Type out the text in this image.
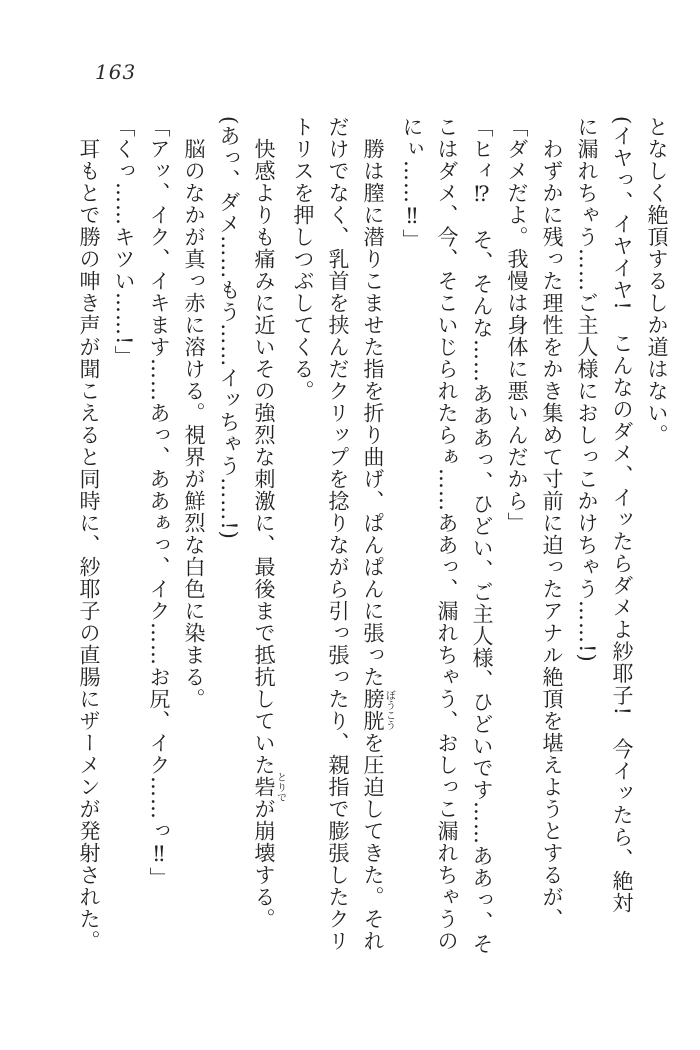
163

となしく絶頂するしか道はない。

(イヤっ、イヤイヤ!　こんなのダメ、イッたらダメよ紗耶子!　今イッたら、絶対

に漏れちゃう……ご主人様におしっこかけちゃう……!)

　わずかに残った理性をかき集めて寸前に迫ったアナル絶頂を堪えようとするが、

「ダメだよ。我慢は身体に悪いんだから」

「ヒィ⁉　そ、そんな……あああっ、ひどい、ご主人様、ひどいです……ああっ、そ

こはダメ、今、そこいじられたらぁ……ああっ、漏れちゃう、おしっこ漏れちゃうの

にぃ……‼」

　勝は膣に潜りこませた指を折り曲げ、ぱんぱんに張った膀胱ぼうこうを圧迫してきた。それ

だけでなく、乳首を挟んだクリップを捻りながら引っ張ったり、親指で膨張したクリ

トリスを押しつぶしてくる。

　快感よりも痛みに近いその強烈な刺激に、最後まで抵抗していた砦とりでが崩壊する。

(あっ、ダメ……もう……イッちゃう……!)

　脳のなかが真っ赤に溶ける。視界が鮮烈な白色に染まる。

「アッ、イク、イキます……あっ、ああぁっ、イク……お尻、イク……っ‼」

「くっ……キツい……!」

　耳もとで勝の呻き声が聞こえると同時に、紗耶子の直腸にザーメンが発射された。
